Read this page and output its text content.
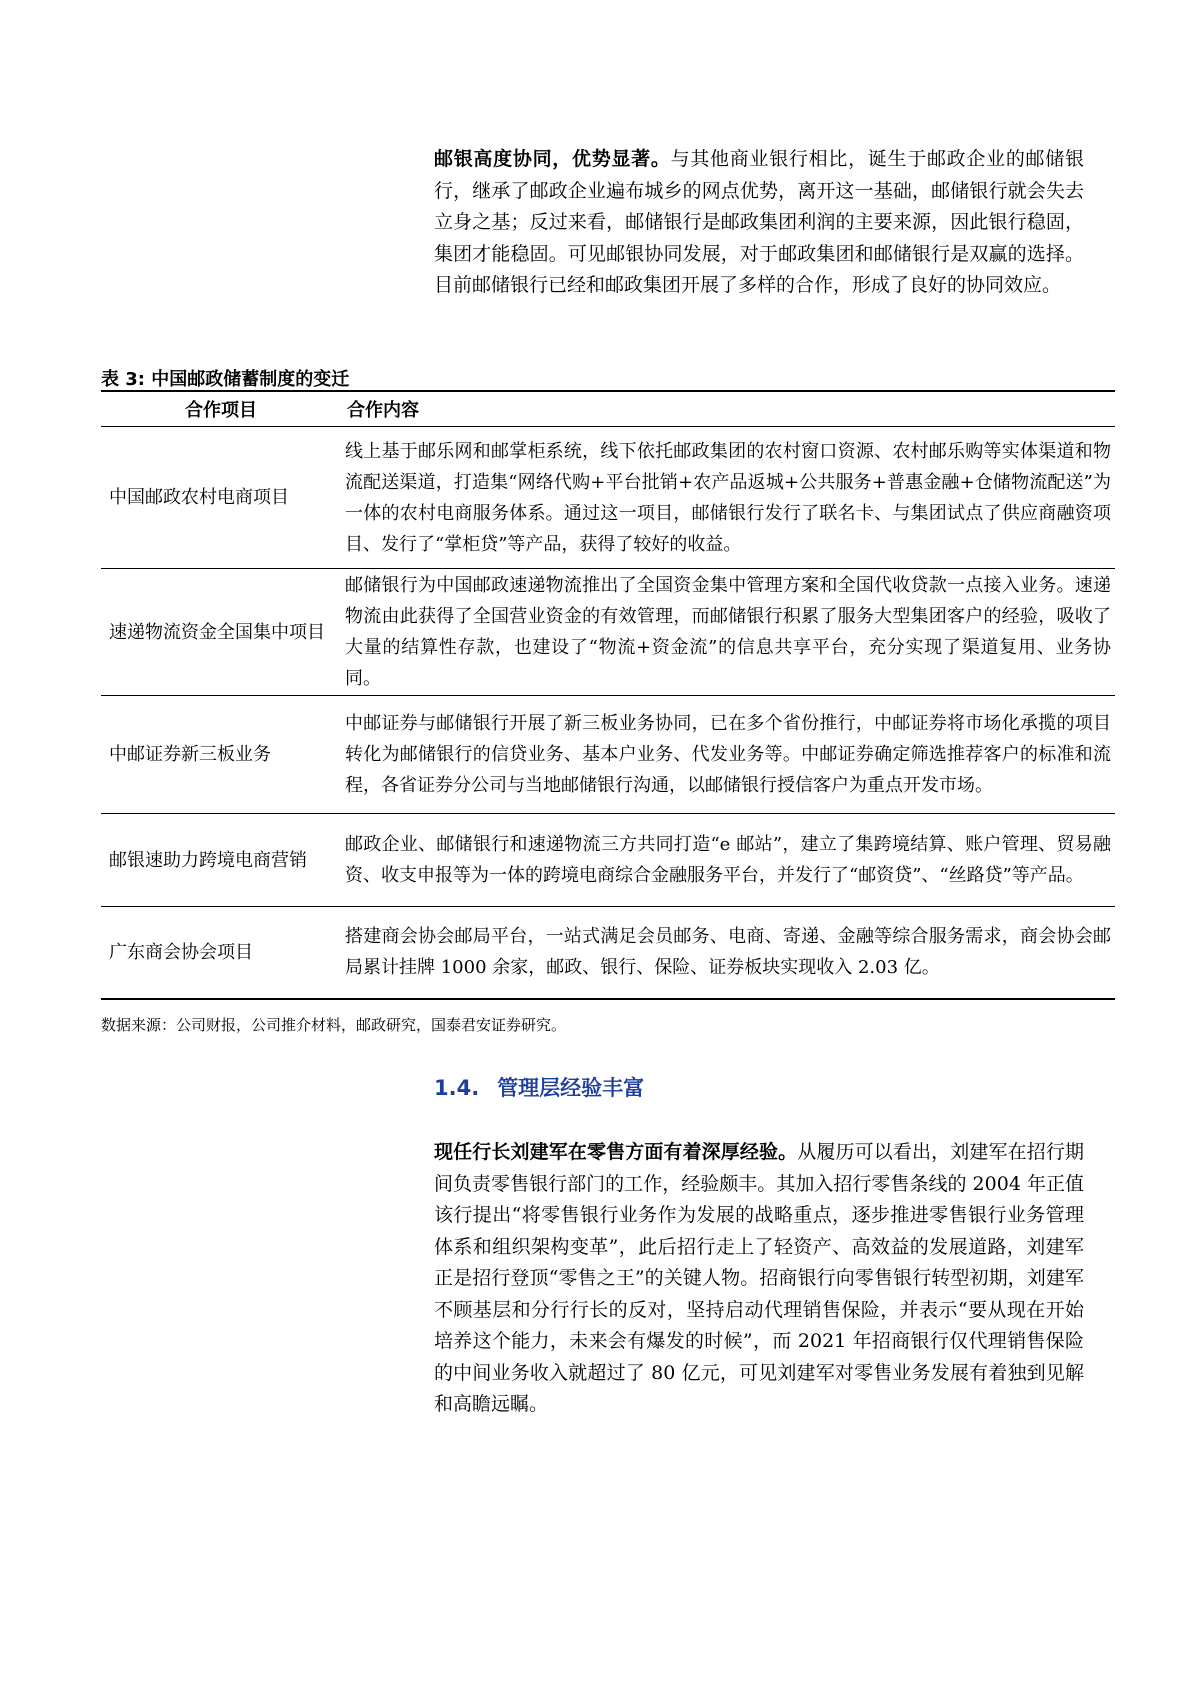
邮银高度协同，优势显著。与其他商业银行相比，诞生于邮政企业的邮储银行，继承了邮政企业遍布城乡的网点优势，离开这一基础，邮储银行就会失去立身之基；反过来看，邮储银行是邮政集团利润的主要来源，因此银行稳固，集团才能稳固。可见邮银协同发展，对于邮政集团和邮储银行是双赢的选择。目前邮储银行已经和邮政集团开展了多样的合作，形成了良好的协同效应。

表 3: 中国邮政储蓄制度的变迁

合作项目	合作内容
中国邮政农村电商项目	线上基于邮乐网和邮掌柜系统，线下依托邮政集团的农村窗口资源、农村邮乐购等实体渠道和物流配送渠道，打造集“网络代购+平台批销+农产品返城+公共服务+普惠金融+仓储物流配送”为一体的农村电商服务体系。通过这一项目，邮储银行发行了联名卡、与集团试点了供应商融资项目、发行了“掌柜贷”等产品，获得了较好的收益。
速递物流资金全国集中项目	邮储银行为中国邮政速递物流推出了全国资金集中管理方案和全国代收贷款一点接入业务。速递物流由此获得了全国营业资金的有效管理，而邮储银行积累了服务大型集团客户的经验，吸收了大量的结算性存款，也建设了“物流+资金流”的信息共享平台，充分实现了渠道复用、业务协同。
中邮证券新三板业务	中邮证券与邮储银行开展了新三板业务协同，已在多个省份推行，中邮证券将市场化承揽的项目转化为邮储银行的信贷业务、基本户业务、代发业务等。中邮证券确定筛选推荐客户的标准和流程，各省证券分公司与当地邮储银行沟通，以邮储银行授信客户为重点开发市场。
邮银速助力跨境电商营销	邮政企业、邮储银行和速递物流三方共同打造“e 邮站”，建立了集跨境结算、账户管理、贸易融资、收支申报等为一体的跨境电商综合金融服务平台，并发行了“邮资贷”、“丝路贷”等产品。
广东商会协会项目	搭建商会协会邮局平台，一站式满足会员邮务、电商、寄递、金融等综合服务需求，商会协会邮局累计挂牌 1000 余家，邮政、银行、保险、证券板块实现收入 2.03 亿。

数据来源：公司财报，公司推介材料，邮政研究，国泰君安证券研究。

1.4. 管理层经验丰富

现任行长刘建军在零售方面有着深厚经验。从履历可以看出，刘建军在招行期间负责零售银行部门的工作，经验颇丰。其加入招行零售条线的 2004 年正值该行提出“将零售银行业务作为发展的战略重点，逐步推进零售银行业务管理体系和组织架构变革”，此后招行走上了轻资产、高效益的发展道路，刘建军正是招行登顶“零售之王”的关键人物。招商银行向零售银行转型初期，刘建军不顾基层和分行行长的反对，坚持启动代理销售保险，并表示“要从现在开始培养这个能力，未来会有爆发的时候”，而 2021 年招商银行仅代理销售保险的中间业务收入就超过了 80 亿元，可见刘建军对零售业务发展有着独到见解和高瞻远瞩。
